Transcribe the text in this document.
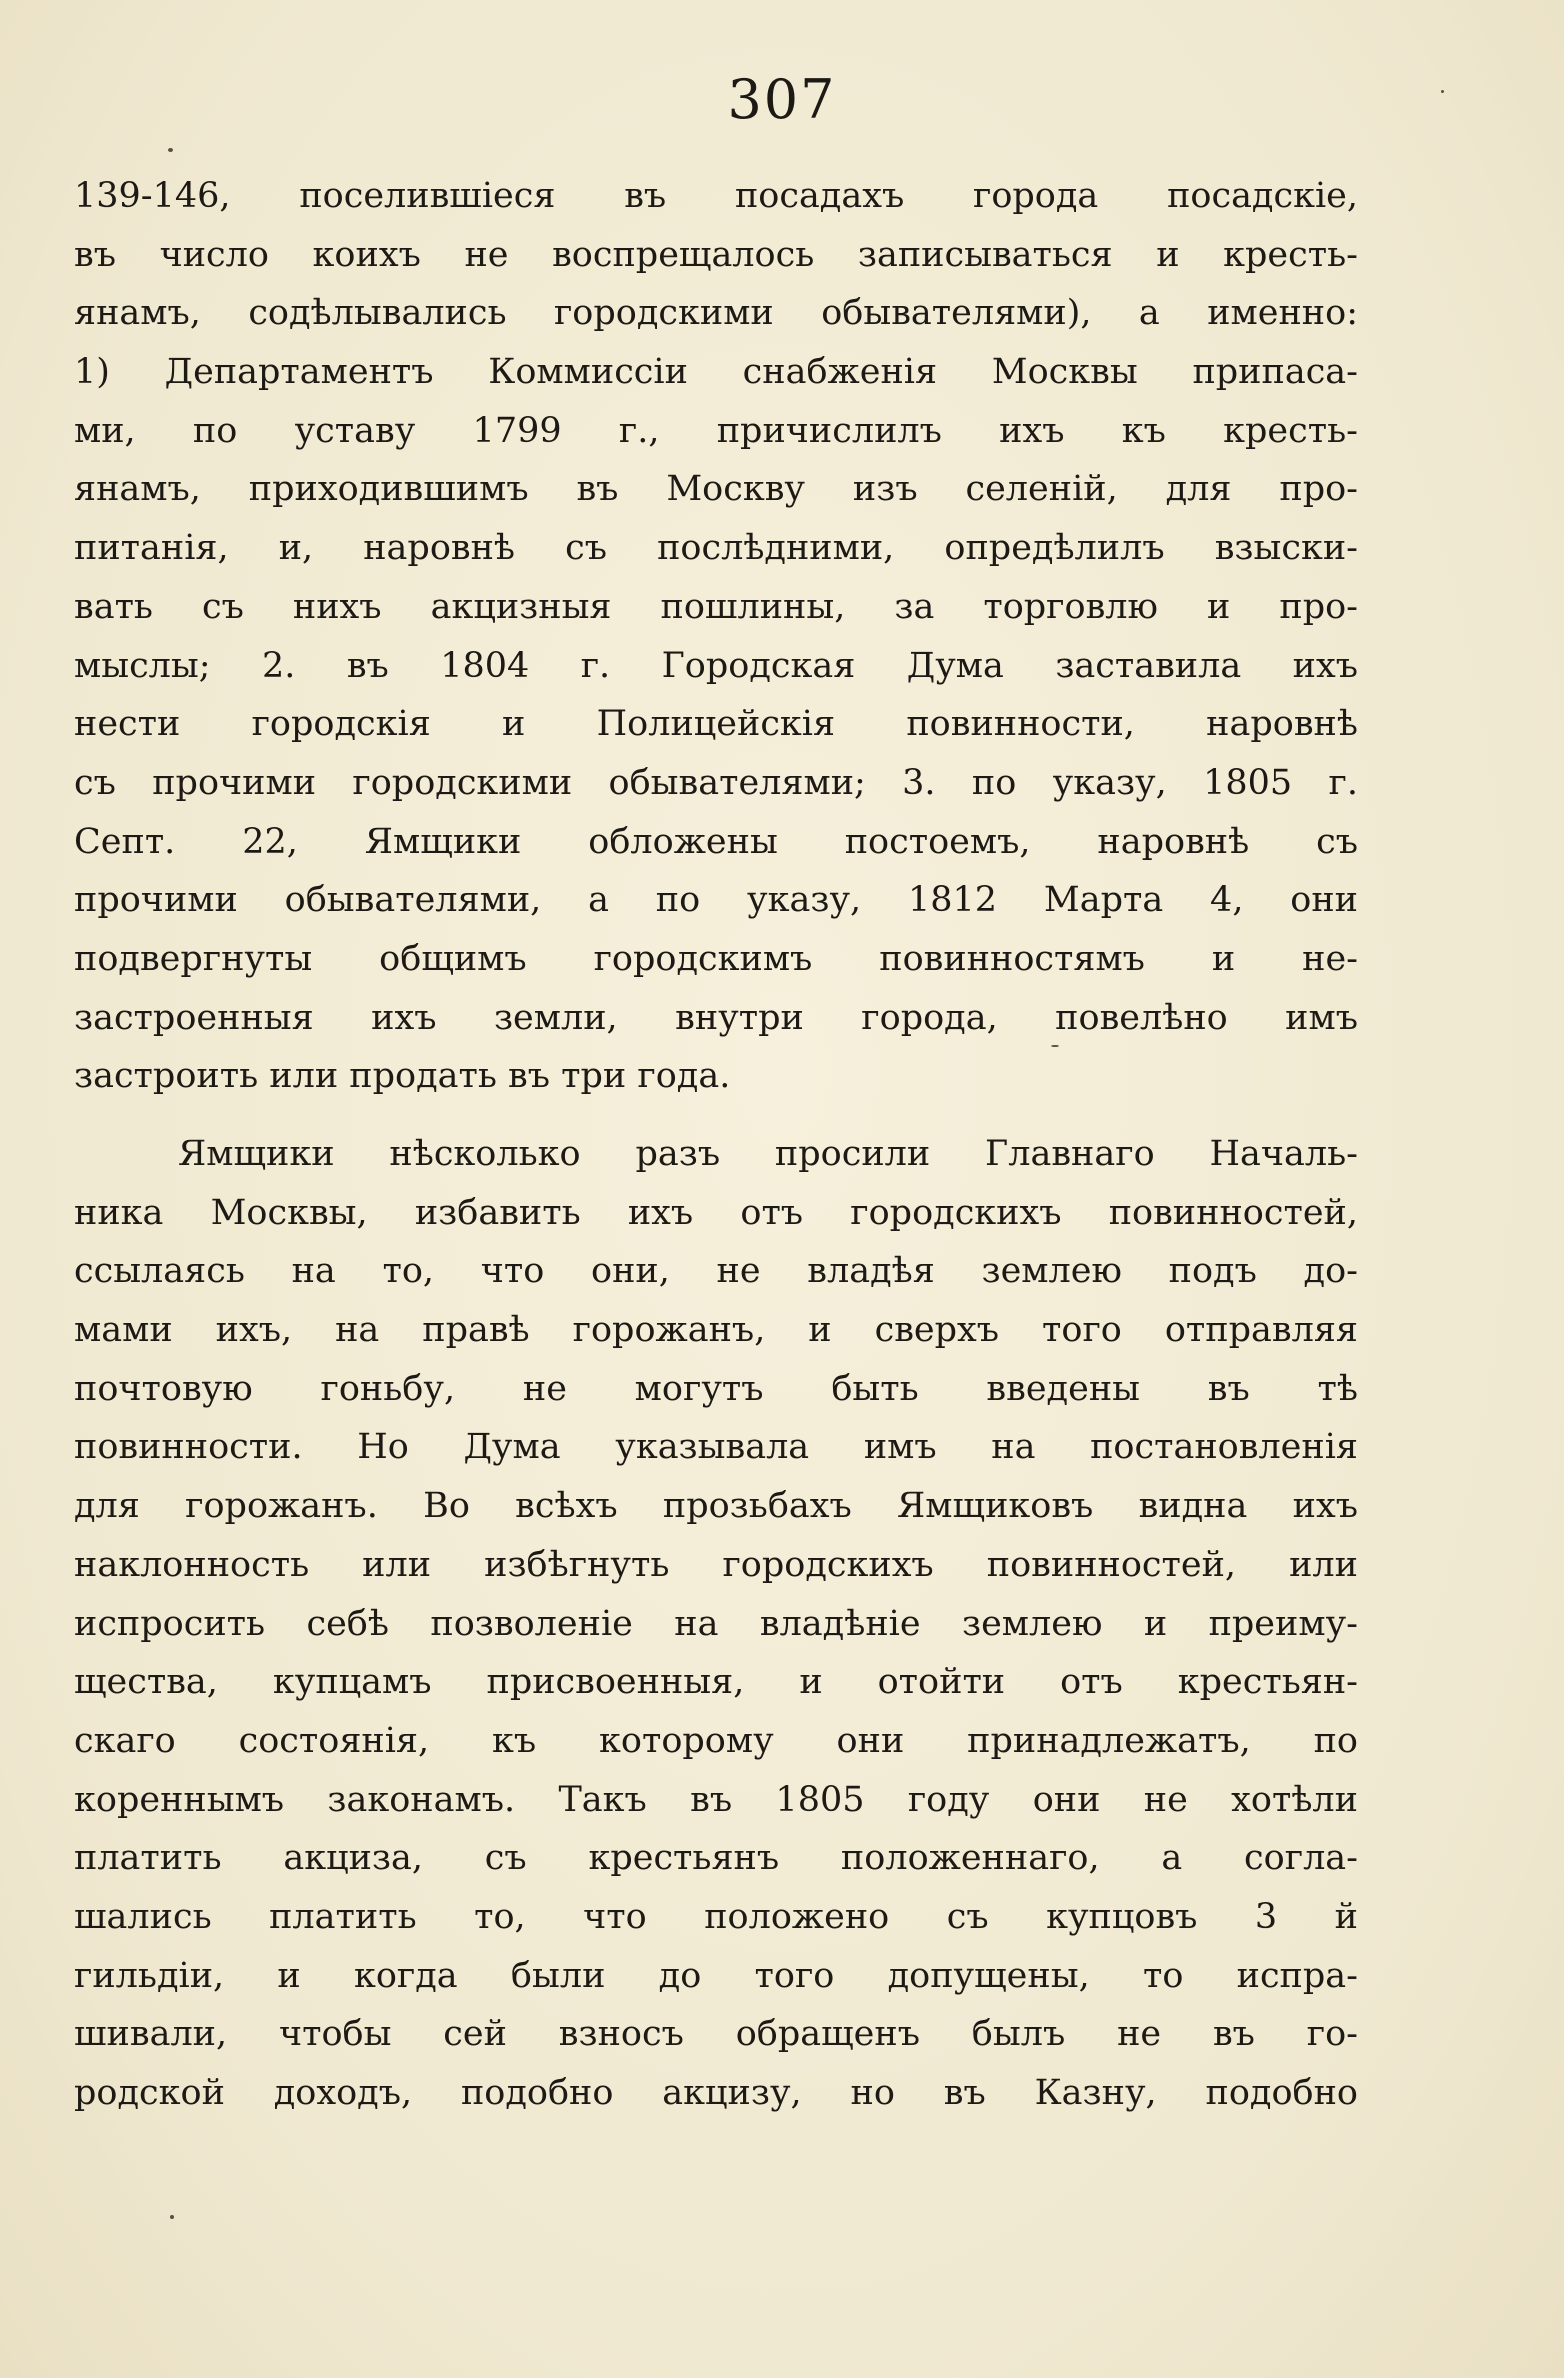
307
139-146, поселившіеся въ посадахъ города посадскіе,
въ число коихъ не воспрещалось записываться и кресть-
янамъ, содѣлывались городскими обывателями), а именно:
1) Департаментъ Коммиссіи снабженія Москвы припаса-
ми, по уставу 1799 г., причислилъ ихъ къ кресть-
янамъ, приходившимъ въ Москву изъ селеній, для про-
питанія, и, наровнѣ съ послѣдними, опредѣлилъ взыски-
вать съ нихъ акцизныя пошлины, за торговлю и про-
мыслы; 2. въ 1804 г. Городская Дума заставила ихъ
нести городскія и Полицейскія повинности, наровнѣ
съ прочими городскими обывателями; 3. по указу, 1805 г.
Септ. 22, Ямщики обложены постоемъ, наровнѣ съ
прочими обывателями, а по указу, 1812 Марта 4, они
подвергнуты общимъ городскимъ повинностямъ и не-
застроенныя ихъ земли, внутри города, повелѣно имъ
застроить или продать въ три года.
Ямщики нѣсколько разъ просили Главнаго Началь-
ника Москвы, избавить ихъ отъ городскихъ повинностей,
ссылаясь на то, что они, не владѣя землею подъ до-
мами ихъ, на правѣ горожанъ, и сверхъ того отправляя
почтовую гоньбу, не могутъ быть введены въ тѣ
повинности. Но Дума указывала имъ на постановленія
для горожанъ. Во всѣхъ прозьбахъ Ямщиковъ видна ихъ
наклонность или избѣгнуть городскихъ повинностей, или
испросить себѣ позволеніе на владѣніе землею и преиму-
щества, купцамъ присвоенныя, и отойти отъ крестьян-
скаго состоянія, къ которому они принадлежатъ, по
кореннымъ законамъ. Такъ въ 1805 году они не хотѣли
платить акциза, съ крестьянъ положеннаго, а согла-
шались платить то, что положено съ купцовъ 3 й
гильдіи, и когда были до того допущены, то испра-
шивали, чтобы сей взносъ обращенъ былъ не въ го-
родской доходъ, подобно акцизу, но въ Казну, подобно
